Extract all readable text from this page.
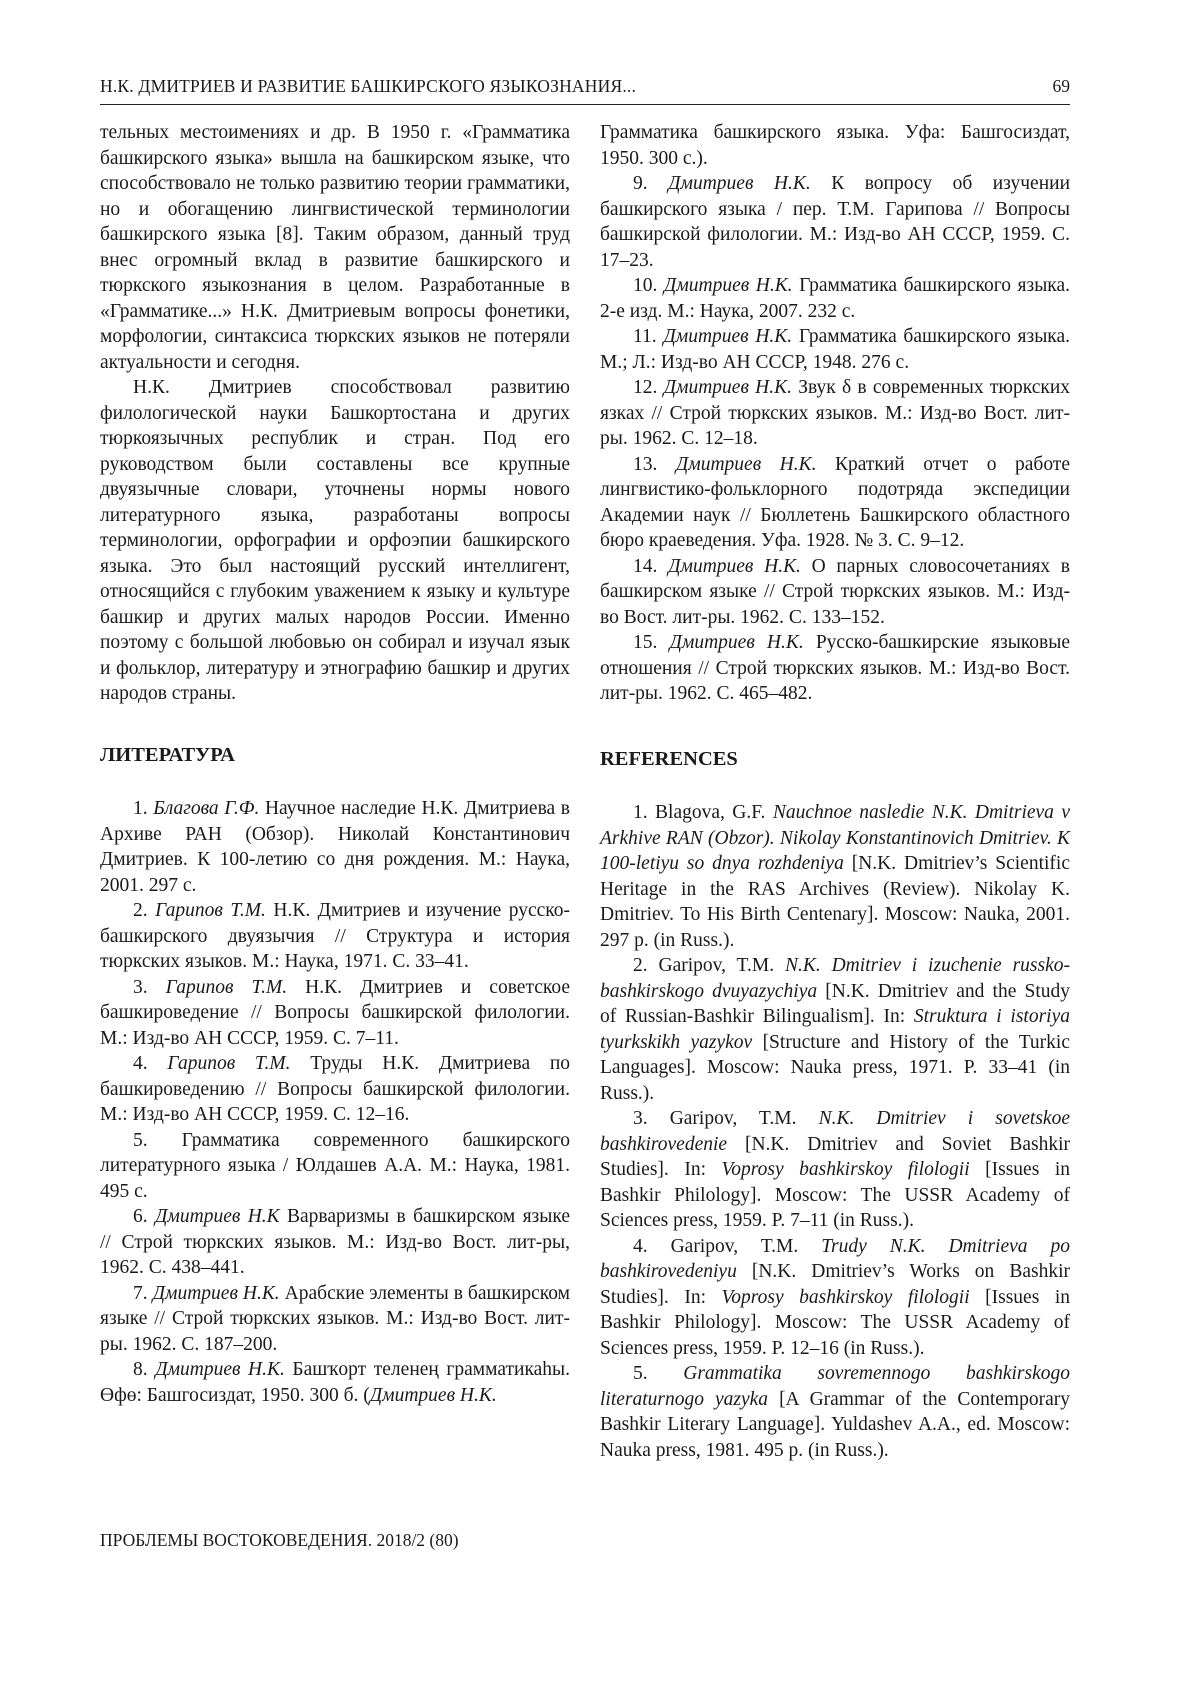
Н.К. ДМИТРИЕВ И РАЗВИТИЕ БАШКИРСКОГО ЯЗЫКОЗНАНИЯ...	69

тельных местоимениях и др. В 1950 г. «Грамматика башкирского языка» вышла на башкирском языке, что способствовало не только развитию теории грамматики, но и обогащению лингвистической терминологии башкирского языка [8]. Таким образом, данный труд внес огромный вклад в развитие башкирского и тюркского языкознания в целом. Разработанные в «Грамматике...» Н.К. Дмитриевым вопросы фонетики, морфологии, синтаксиса тюркских языков не потеряли актуальности и сегодня.

Н.К. Дмитриев способствовал развитию филологической науки Башкортостана и других тюркоязычных республик и стран. Под его руководством были составлены все крупные двуязычные словари, уточнены нормы нового литературного языка, разработаны вопросы терминологии, орфографии и орфоэпии башкирского языка. Это был настоящий русский интеллигент, относящийся с глубоким уважением к языку и культуре башкир и других малых народов России. Именно поэтому с большой любовью он собирал и изучал язык и фольклор, литературу и этнографию башкир и других народов страны.

ЛИТЕРАТУРА

1. Благова Г.Ф. Научное наследие Н.К. Дмитриева в Архиве РАН (Обзор). Николай Константинович Дмитриев. К 100-летию со дня рождения. М.: Наука, 2001. 297 с.

2. Гарипов Т.М. Н.К. Дмитриев и изучение русско-башкирского двуязычия // Структура и история тюркских языков. М.: Наука, 1971. С. 33–41.

3. Гарипов Т.М. Н.К. Дмитриев и советское башкироведение // Вопросы башкирской филологии. М.: Изд-во АН СССР, 1959. С. 7–11.

4. Гарипов Т.М. Труды Н.К. Дмитриева по башкироведению // Вопросы башкирской филологии. М.: Изд-во АН СССР, 1959. С. 12–16.

5. Грамматика современного башкирского литературного языка / Юлдашев А.А. М.: Наука, 1981. 495 с.

6. Дмитриев Н.К Варваризмы в башкирском языке // Строй тюркских языков. М.: Изд-во Вост. лит-ры, 1962. С. 438–441.

7. Дмитриев Н.К. Арабские элементы в башкирском языке // Строй тюркских языков. М.: Изд-во Вост. лит-ры. 1962. С. 187–200.

8. Дмитриев Н.К. Башҡорт теленең грамматикаһы. Өфө: Башгосиздат, 1950. 300 б. (Дмитриев Н.К.

Грамматика башкирского языка. Уфа: Башгосиздат, 1950. 300 с.).

9. Дмитриев Н.К. К вопросу об изучении башкирского языка / пер. Т.М. Гарипова // Вопросы башкирской филологии. М.: Изд-во АН СССР, 1959. С. 17–23.

10. Дмитриев Н.К. Грамматика башкирского языка. 2-е изд. М.: Наука, 2007. 232 с.

11. Дмитриев Н.К. Грамматика башкирского языка. М.; Л.: Изд-во АН СССР, 1948. 276 с.

12. Дмитриев Н.К. Звук δ в современных тюркских язках // Строй тюркских языков. М.: Изд-во Вост. лит-ры. 1962. С. 12–18.

13. Дмитриев Н.К. Краткий отчет о работе лингвистико-фольклорного подотряда экспедиции Академии наук // Бюллетень Башкирского областного бюро краеведения. Уфа. 1928. № 3. С. 9–12.

14. Дмитриев Н.К. О парных словосочетаниях в башкирском языке // Строй тюркских языков. М.: Изд-во Вост. лит-ры. 1962. С. 133–152.

15. Дмитриев Н.К. Русско-башкирские языковые отношения // Строй тюркских языков. М.: Изд-во Вост. лит-ры. 1962. С. 465–482.

REFERENCES

1. Blagova, G.F. Nauchnoe nasledie N.K. Dmitrieva v Arkhive RAN (Obzor). Nikolay Konstantinovich Dmitriev. K 100-letiyu so dnya rozhdeniya [N.K. Dmitriev’s Scientific Heritage in the RAS Archives (Review). Nikolay K. Dmitriev. To His Birth Centenary]. Moscow: Nauka, 2001. 297 p. (in Russ.).

2. Garipov, T.M. N.K. Dmitriev i izuchenie russko-bashkirskogo dvuyazychiya [N.K. Dmitriev and the Study of Russian-Bashkir Bilingualism]. In: Struktura i istoriya tyurkskikh yazykov [Structure and History of the Turkic Languages]. Moscow: Nauka press, 1971. P. 33–41 (in Russ.).

3. Garipov, T.M. N.K. Dmitriev i sovetskoe bashkirovedenie [N.K. Dmitriev and Soviet Bashkir Studies]. In: Voprosy bashkirskoy filologii [Issues in Bashkir Philology]. Moscow: The USSR Academy of Sciences press, 1959. P. 7–11 (in Russ.).

4. Garipov, T.M. Trudy N.K. Dmitrieva po bashkirovedeniyu [N.K. Dmitriev’s Works on Bashkir Studies]. In: Voprosy bashkirskoy filologii [Issues in Bashkir Philology]. Moscow: The USSR Academy of Sciences press, 1959. P. 12–16 (in Russ.).

5. Grammatika sovremennogo bashkirskogo literaturnogo yazyka [A Grammar of the Contemporary Bashkir Literary Language]. Yuldashev A.A., ed. Moscow: Nauka press, 1981. 495 p. (in Russ.).

ПРОБЛЕМЫ ВОСТОКОВЕДЕНИЯ. 2018/2 (80)
